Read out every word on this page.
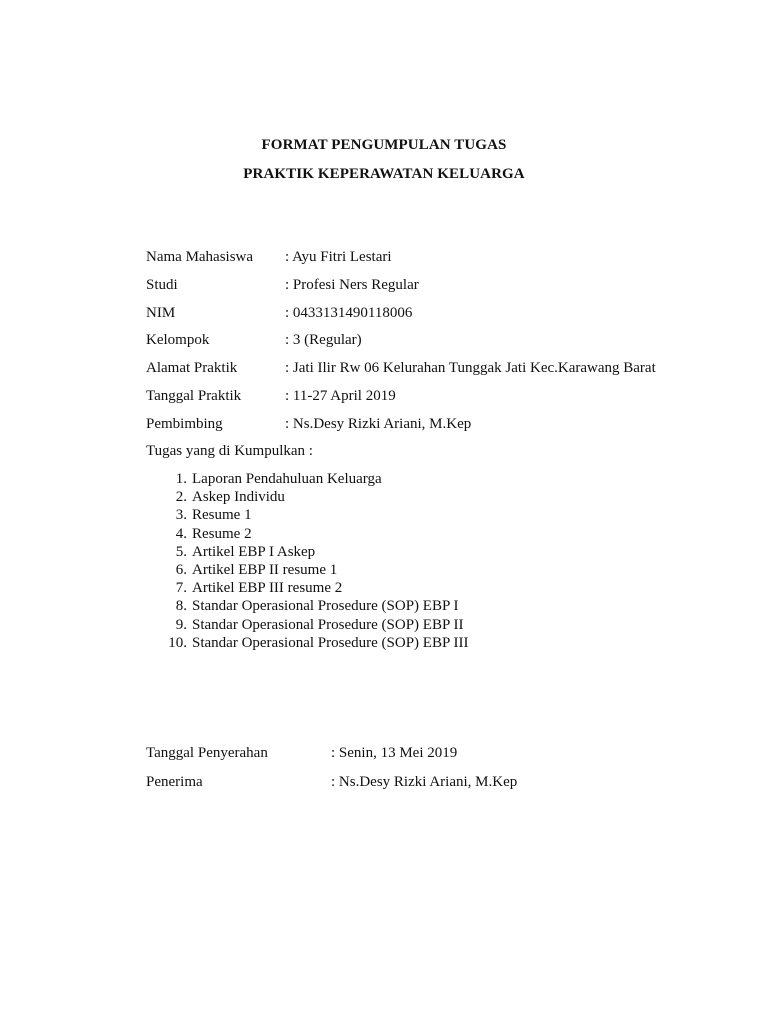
FORMAT PENGUMPULAN TUGAS
PRAKTIK KEPERAWATAN KELUARGA
Nama Mahasiswa : Ayu Fitri Lestari
Studi	: Profesi Ners Regular
NIM	: 0433131490118006
Kelompok	: 3 (Regular)
Alamat Praktik	: Jati Ilir Rw 06 Kelurahan Tunggak Jati Kec.Karawang Barat
Tanggal Praktik	: 11-27 April 2019
Pembimbing	: Ns.Desy Rizki Ariani, M.Kep
Tugas yang di Kumpulkan :
1. Laporan Pendahuluan Keluarga
2. Askep Individu
3. Resume 1
4. Resume 2
5. Artikel EBP I Askep
6. Artikel EBP II resume 1
7. Artikel EBP III resume 2
8. Standar Operasional Prosedure (SOP) EBP I
9. Standar Operasional Prosedure (SOP) EBP II
10. Standar Operasional Prosedure (SOP) EBP III
Tanggal Penyerahan	: Senin, 13 Mei 2019
Penerima	: Ns.Desy Rizki Ariani, M.Kep
